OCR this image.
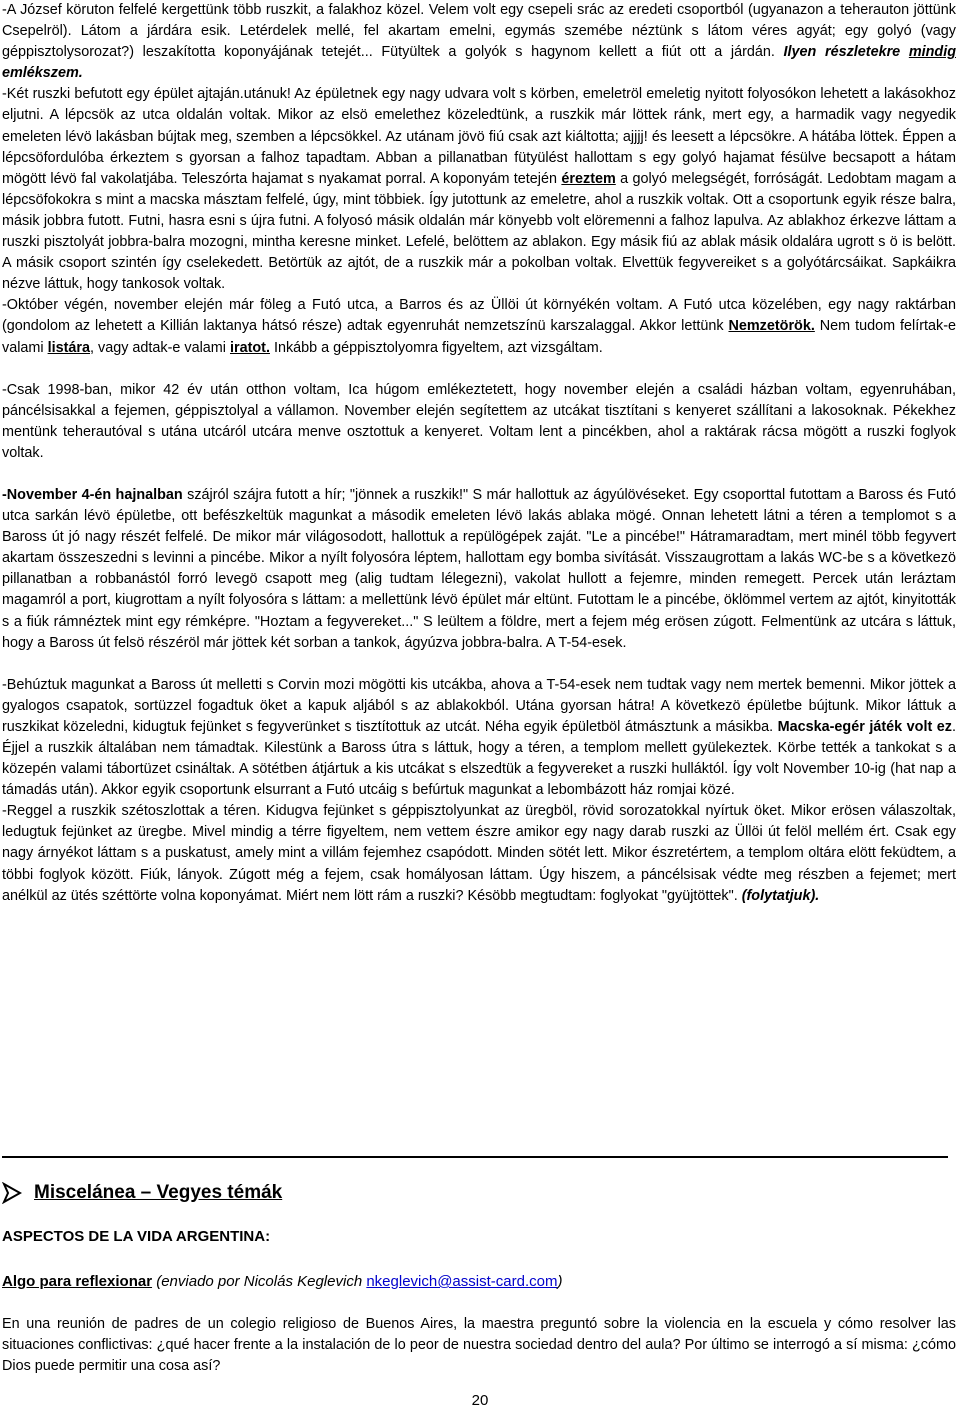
-A József köruton felfelé kergettünk több ruszkit, a falakhoz közel. Velem volt egy csepeli srác az eredeti csoportból (ugyanazon a teherauton jöttünk Csepelröl). Látom a járdára esik. Letérdelek mellé, fel akartam emelni, egymás szemébe néztünk s látom véres agyát; egy golyó (vagy géppisztolysorozat?) leszakította koponyájának tetejét... Fütyültek a golyók s hagynom kellett a fiút ott a járdán. Ilyen részletekre mindig emlékszem.

-Két ruszki befutott egy épület ajtaján.utánuk! Az épületnek egy nagy udvara volt s körben, emeletröl emeletig nyitott folyosókon lehetett a lakásokhoz eljutni. A lépcsök az utca oldalán voltak. Mikor az elsö emelethez közeledtünk, a ruszkik már löttek ránk, mert egy, a harmadik vagy negyedik emeleten lévö lakásban bújtak meg, szemben a lépcsökkel. Az utánam jövö fiú csak azt kiáltotta; ajjjj! és leesett a lépcsökre. A hátába löttek. Éppen a lépcsöfordulóba érkeztem s gyorsan a falhoz tapadtam. Abban a pillanatban fütyülést hallottam s egy golyó hajamat fésülve becsapott a hátam mögött lévö fal vakolatjába. Teleszórta hajamat s nyakamat porral. A koponyám tetején éreztem a golyó melegségét, forróságát. Ledobtam magam a lépcsöfokokra s mint a macska másztam felfelé, úgy, mint többiek. Így jutottunk az emeletre, ahol a ruszkik voltak. Ott a csoportunk egyik része balra, másik jobbra futott. Futni, hasra esni s újra futni. A folyosó másik oldalán már könyebb volt elöremenni a falhoz lapulva. Az ablakhoz érkezve láttam a ruszki pisztolyát jobbra-balra mozogni, mintha keresne minket. Lefelé, belöttem az ablakon. Egy másik fiú az ablak másik oldalára ugrott s ö is belött. A másik csoport szintén így cselekedett. Betörtük az ajtót, de a ruszkik már a pokolban voltak. Elvettük fegyvereiket s a golyótárcsáikat. Sapkáikra nézve láttuk, hogy tankosok voltak.

-Október végén, november elején már föleg a Futó utca, a Barros és az Üllöi út környékén voltam. A Futó utca közelében, egy nagy raktárban (gondolom az lehetett a Killián laktanya hátsó része) adtak egyenruhát nemzetszínü karszalaggal. Akkor lettünk Nemzetörök. Nem tudom felírtak-e valami listára, vagy adtak-e valami iratot. Inkább a géppisztolyomra figyeltem, azt vizsgáltam.

-Csak 1998-ban, mikor 42 év után otthon voltam, Ica húgom emlékeztetett, hogy november elején a családi házban voltam, egyenruhában, páncélsisakkal a fejemen, géppisztolyal a vállamon. November elején segítettem az utcákat tisztítani s kenyeret szállítani a lakosoknak. Pékekhez mentünk teherautóval s utána utcáról utcára menve osztottuk a kenyeret. Voltam lent a pincékben, ahol a raktárak rácsa mögött a ruszki foglyok voltak.

-November 4-én hajnalban szájról szájra futott a hír; "jönnek a ruszkik!" S már hallottuk az ágyúlövéseket. Egy csoporttal futottam a Baross és Futó utca sarkán lévö épületbe, ott befészkeltük magunkat a második emeleten lévö lakás ablaka mögé. Onnan lehetett látni a téren a templomot s a Baross út jó nagy részét felfelé. De mikor már világosodott, hallottuk a repülögépek zaját. "Le a pincébe!" Hátramaradtam, mert minél több fegyvert akartam összeszedni s levinni a pincébe. Mikor a nyílt folyosóra léptem, hallottam egy bomba sivítását. Visszaugrottam a lakás WC-be s a következö pillanatban a robbanástól forró levegö csapott meg (alig tudtam lélegezni), vakolat hullott a fejemre, minden remegett. Percek után leráztam magamról a port, kiugrottam a nyílt folyosóra s láttam: a mellettünk lévö épület már eltünt. Futottam le a pincébe, öklömmel vertem az ajtót, kinyitották s a fiúk rámnéztek mint egy rémképre. "Hoztam a fegyvereket..." S leültem a földre, mert a fejem még erösen zúgott. Felmentünk az utcára s láttuk, hogy a Baross út felsö részéröl már jöttek két sorban a tankok, ágyúzva jobbra-balra. A T-54-esek.

-Behúztuk magunkat a Baross út melletti s Corvin mozi mögötti kis utcákba, ahova a T-54-esek nem tudtak vagy nem mertek bemenni. Mikor jöttek a gyalogos csapatok, sortüzzel fogadtuk öket a kapuk aljából s az ablakokból. Utána gyorsan hátra! A következö épületbe bújtunk. Mikor láttuk a ruszkikat közeledni, kidugtuk fejünket s fegyverünket s tisztítottuk az utcát. Néha egyik épületböl átmásztunk a másikba. Macska-egér játék volt ez. Éjjel a ruszkik általában nem támadtak. Kilestünk a Baross útra s láttuk, hogy a téren, a templom mellett gyülekeztek. Körbe tették a tankokat s a közepén valami tábortüzet csináltak. A sötétben átjártuk a kis utcákat s elszedtük a fegyvereket a ruszki hulláktól. Így volt November 10-ig (hat nap a támadás után). Akkor egyik csoportunk elsurrant a Futó utcáig s befúrtuk magunkat a lebombázott ház romjai közé.

-Reggel a ruszkik szétoszlottak a téren. Kidugva fejünket s géppisztolyunkat az üregböl, rövid sorozatokkal nyírtuk öket. Mikor erösen válaszoltak, ledugtuk fejünket az üregbe. Mivel mindig a térre figyeltem, nem vettem észre amikor egy nagy darab ruszki az Üllöi út felöl mellém ért. Csak egy nagy árnyékot láttam s a puskatust, amely mint a villám fejemhez csapódott. Minden sötét lett. Mikor észretértem, a templom oltára elött feküdtem, a többi foglyok között. Fiúk, lányok. Zúgott még a fejem, csak homályosan láttam. Úgy hiszem, a páncélsisak védte meg részben a fejemet; mert anélkül az ütés széttörte volna koponyámat. Miért nem lött rám a ruszki? Késöbb megtudtam: foglyokat "gyüjtöttek". (folytatjuk).

Miscelánea – Vegyes témák
ASPECTOS DE LA VIDA ARGENTINA:
Algo para reflexionar (enviado por Nicolás Keglevich nkeglevich@assist-card.com)

En una reunión de padres de un colegio religioso de Buenos Aires, la maestra preguntó sobre la violencia en la escuela y cómo resolver las situaciones conflictivas: ¿qué hacer frente a la instalación de lo peor de nuestra sociedad dentro del aula? Por último se interrogó a sí misma: ¿cómo Dios puede permitir una cosa así?

20
